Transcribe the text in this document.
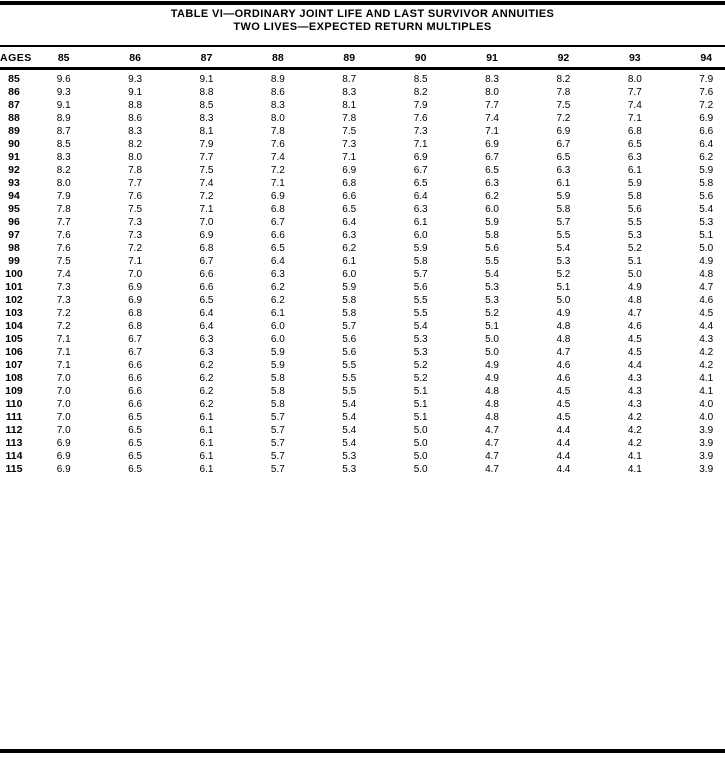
TABLE VI—ORDINARY JOINT LIFE AND LAST SURVIVOR ANNUITIES
TWO LIVES—EXPECTED RETURN MULTIPLES
AGES	85	86	87	88	89	90	91	92	93	94
85	9.6	9.3	9.1	8.9	8.7	8.5	8.3	8.2	8.0	7.9
86	9.3	9.1	8.8	8.6	8.3	8.2	8.0	7.8	7.7	7.6
87	9.1	8.8	8.5	8.3	8.1	7.9	7.7	7.5	7.4	7.2
88	8.9	8.6	8.3	8.0	7.8	7.6	7.4	7.2	7.1	6.9
89	8.7	8.3	8.1	7.8	7.5	7.3	7.1	6.9	6.8	6.6
90	8.5	8.2	7.9	7.6	7.3	7.1	6.9	6.7	6.5	6.4
91	8.3	8.0	7.7	7.4	7.1	6.9	6.7	6.5	6.3	6.2
92	8.2	7.8	7.5	7.2	6.9	6.7	6.5	6.3	6.1	5.9
93	8.0	7.7	7.4	7.1	6.8	6.5	6.3	6.1	5.9	5.8
94	7.9	7.6	7.2	6.9	6.6	6.4	6.2	5.9	5.8	5.6
95	7.8	7.5	7.1	6.8	6.5	6.3	6.0	5.8	5.6	5.4
96	7.7	7.3	7.0	6.7	6.4	6.1	5.9	5.7	5.5	5.3
97	7.6	7.3	6.9	6.6	6.3	6.0	5.8	5.5	5.3	5.1
98	7.6	7.2	6.8	6.5	6.2	5.9	5.6	5.4	5.2	5.0
99	7.5	7.1	6.7	6.4	6.1	5.8	5.5	5.3	5.1	4.9
100	7.4	7.0	6.6	6.3	6.0	5.7	5.4	5.2	5.0	4.8
101	7.3	6.9	6.6	6.2	5.9	5.6	5.3	5.1	4.9	4.7
102	7.3	6.9	6.5	6.2	5.8	5.5	5.3	5.0	4.8	4.6
103	7.2	6.8	6.4	6.1	5.8	5.5	5.2	4.9	4.7	4.5
104	7.2	6.8	6.4	6.0	5.7	5.4	5.1	4.8	4.6	4.4
105	7.1	6.7	6.3	6.0	5.6	5.3	5.0	4.8	4.5	4.3
106	7.1	6.7	6.3	5.9	5.6	5.3	5.0	4.7	4.5	4.2
107	7.1	6.6	6.2	5.9	5.5	5.2	4.9	4.6	4.4	4.2
108	7.0	6.6	6.2	5.8	5.5	5.2	4.9	4.6	4.3	4.1
109	7.0	6.6	6.2	5.8	5.5	5.1	4.8	4.5	4.3	4.1
110	7.0	6.6	6.2	5.8	5.4	5.1	4.8	4.5	4.3	4.0
111	7.0	6.5	6.1	5.7	5.4	5.1	4.8	4.5	4.2	4.0
112	7.0	6.5	6.1	5.7	5.4	5.0	4.7	4.4	4.2	3.9
113	6.9	6.5	6.1	5.7	5.4	5.0	4.7	4.4	4.2	3.9
114	6.9	6.5	6.1	5.7	5.3	5.0	4.7	4.4	4.1	3.9
115	6.9	6.5	6.1	5.7	5.3	5.0	4.7	4.4	4.1	3.9
